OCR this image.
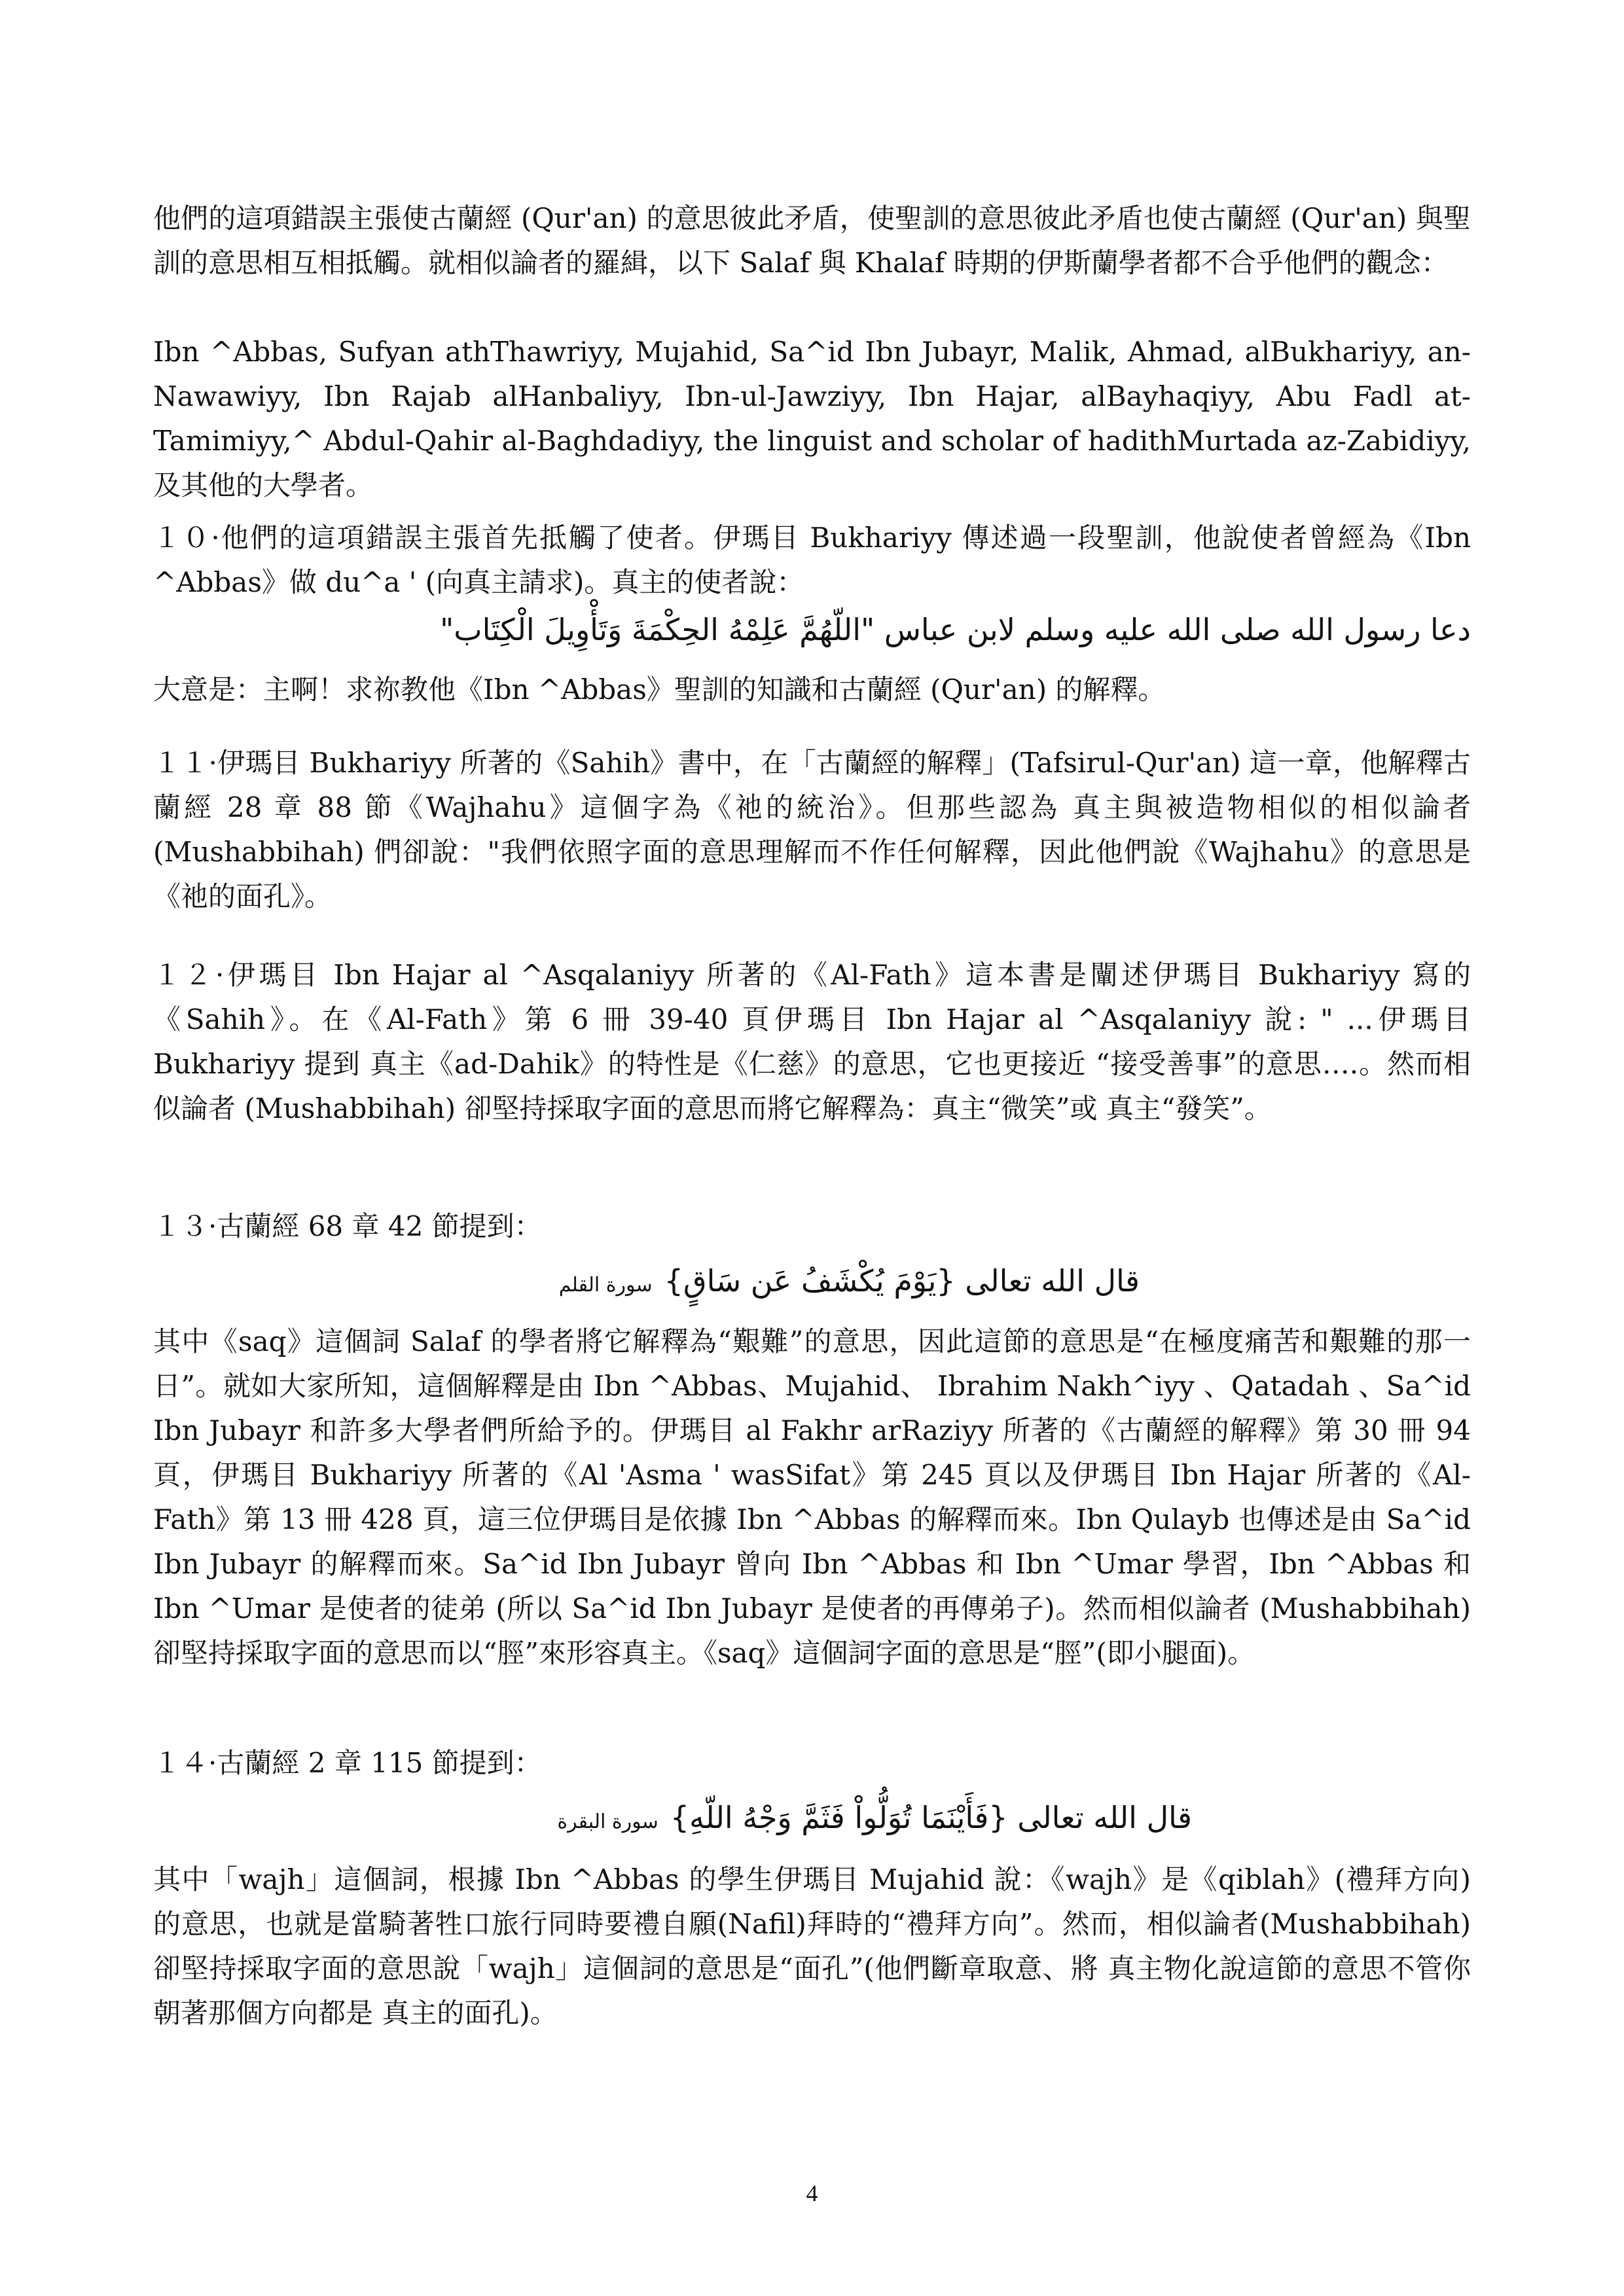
他們的這項錯誤主張使古蘭經 (Qur'an) 的意思彼此矛盾，使聖訓的意思彼此矛盾也使古蘭經 (Qur'an) 與聖訓的意思相互相抵觸。就相似論者的羅緝，以下 Salaf 與 Khalaf 時期的伊斯蘭學者都不合乎他們的觀念：

Ibn ^Abbas, Sufyan athThawriyy, Mujahid, Sa^id Ibn Jubayr, Malik, Ahmad, alBukhariyy, an-Nawawiyy, Ibn Rajab alHanbaliyy, Ibn-ul-Jawziyy, Ibn Hajar, alBayhaqiyy, Abu Fadl at-Tamimiyy,^ Abdul-Qahir al-Baghdadiyy, the linguist and scholar of hadithMurtada az-Zabidiyy, 及其他的大學者。

１０·他們的這項錯誤主張首先抵觸了使者。伊瑪目 Bukhariyy 傳述過一段聖訓，他說使者曾經為《Ibn ^Abbas》做 du^a ' (向真主請求)。真主的使者說：

دعا رسول الله صلى الله عليه وسلم لابن عباس "اللّهُمَّ عَلِمْهُ الحِكْمَةَ وَتَأْوِيلَ الْكِتَاب"

大意是：主啊！求祢教他《Ibn ^Abbas》聖訓的知識和古蘭經 (Qur'an) 的解釋。

１１·伊瑪目 Bukhariyy 所著的《Sahih》書中，在「古蘭經的解釋」(Tafsirul-Qur'an) 這一章，他解釋古蘭經 28 章 88 節《Wajhahu》這個字為《祂的統治》。但那些認為 真主與被造物相似的相似論者 (Mushabbihah) 們卻說："我們依照字面的意思理解而不作任何解釋，因此他們說《Wajhahu》的意思是《祂的面孔》。

１２·伊瑪目 Ibn Hajar al ^Asqalaniyy 所著的《Al-Fath》這本書是闡述伊瑪目 Bukhariyy 寫的《Sahih》。在《Al-Fath》第 6 冊 39-40 頁伊瑪目 Ibn Hajar al ^Asqalaniyy 說: " ...伊瑪目 Bukhariyy 提到 真主《ad-Dahik》的特性是《仁慈》的意思，它也更接近 “接受善事”的意思….。然而相似論者 (Mushabbihah) 卻堅持採取字面的意思而將它解釋為：真主“微笑”或 真主“發笑”。

１３·古蘭經 68 章 42 節提到：

قال الله تعالى {يَوْمَ يُكْشَفُ عَن سَاقٍ}سورة القلم

其中《saq》這個詞 Salaf 的學者將它解釋為“艱難”的意思，因此這節的意思是“在極度痛苦和艱難的那一日”。就如大家所知，這個解釋是由 Ibn ^Abbas、Mujahid、 Ibrahim Nakh^iyy 、Qatadah 、Sa^id Ibn Jubayr 和許多大學者們所給予的。伊瑪目 al Fakhr arRaziyy 所著的《古蘭經的解釋》第 30 冊 94 頁，伊瑪目 Bukhariyy 所著的《Al 'Asma ' wasSifat》第 245 頁以及伊瑪目 Ibn Hajar 所著的《Al-Fath》第 13 冊 428 頁，這三位伊瑪目是依據 Ibn ^Abbas 的解釋而來。Ibn Qulayb 也傳述是由 Sa^id Ibn Jubayr 的解釋而來。Sa^id Ibn Jubayr 曾向 Ibn ^Abbas 和 Ibn ^Umar 學習，Ibn ^Abbas 和 Ibn ^Umar 是使者的徒弟 (所以 Sa^id Ibn Jubayr 是使者的再傳弟子)。然而相似論者 (Mushabbihah) 卻堅持採取字面的意思而以“脛”來形容真主。《saq》這個詞字面的意思是“脛”(即小腿面)。

１４·古蘭經 2 章 115 節提到：

قال الله تعالى {فَأَيْنَمَا تُوَلُّواْ فَثَمَّ وَجْهُ اللّهِ}سورة البقرة

其中「wajh」這個詞，根據 Ibn ^Abbas 的學生伊瑪目 Mujahid 說：《wajh》是《qiblah》(禮拜方向) 的意思，也就是當騎著牲口旅行同時要禮自願(Nafil)拜時的“禮拜方向”。然而，相似論者(Mushabbihah) 卻堅持採取字面的意思說「wajh」這個詞的意思是“面孔”(他們斷章取意、將 真主物化說這節的意思不管你朝著那個方向都是 真主的面孔)。

4
